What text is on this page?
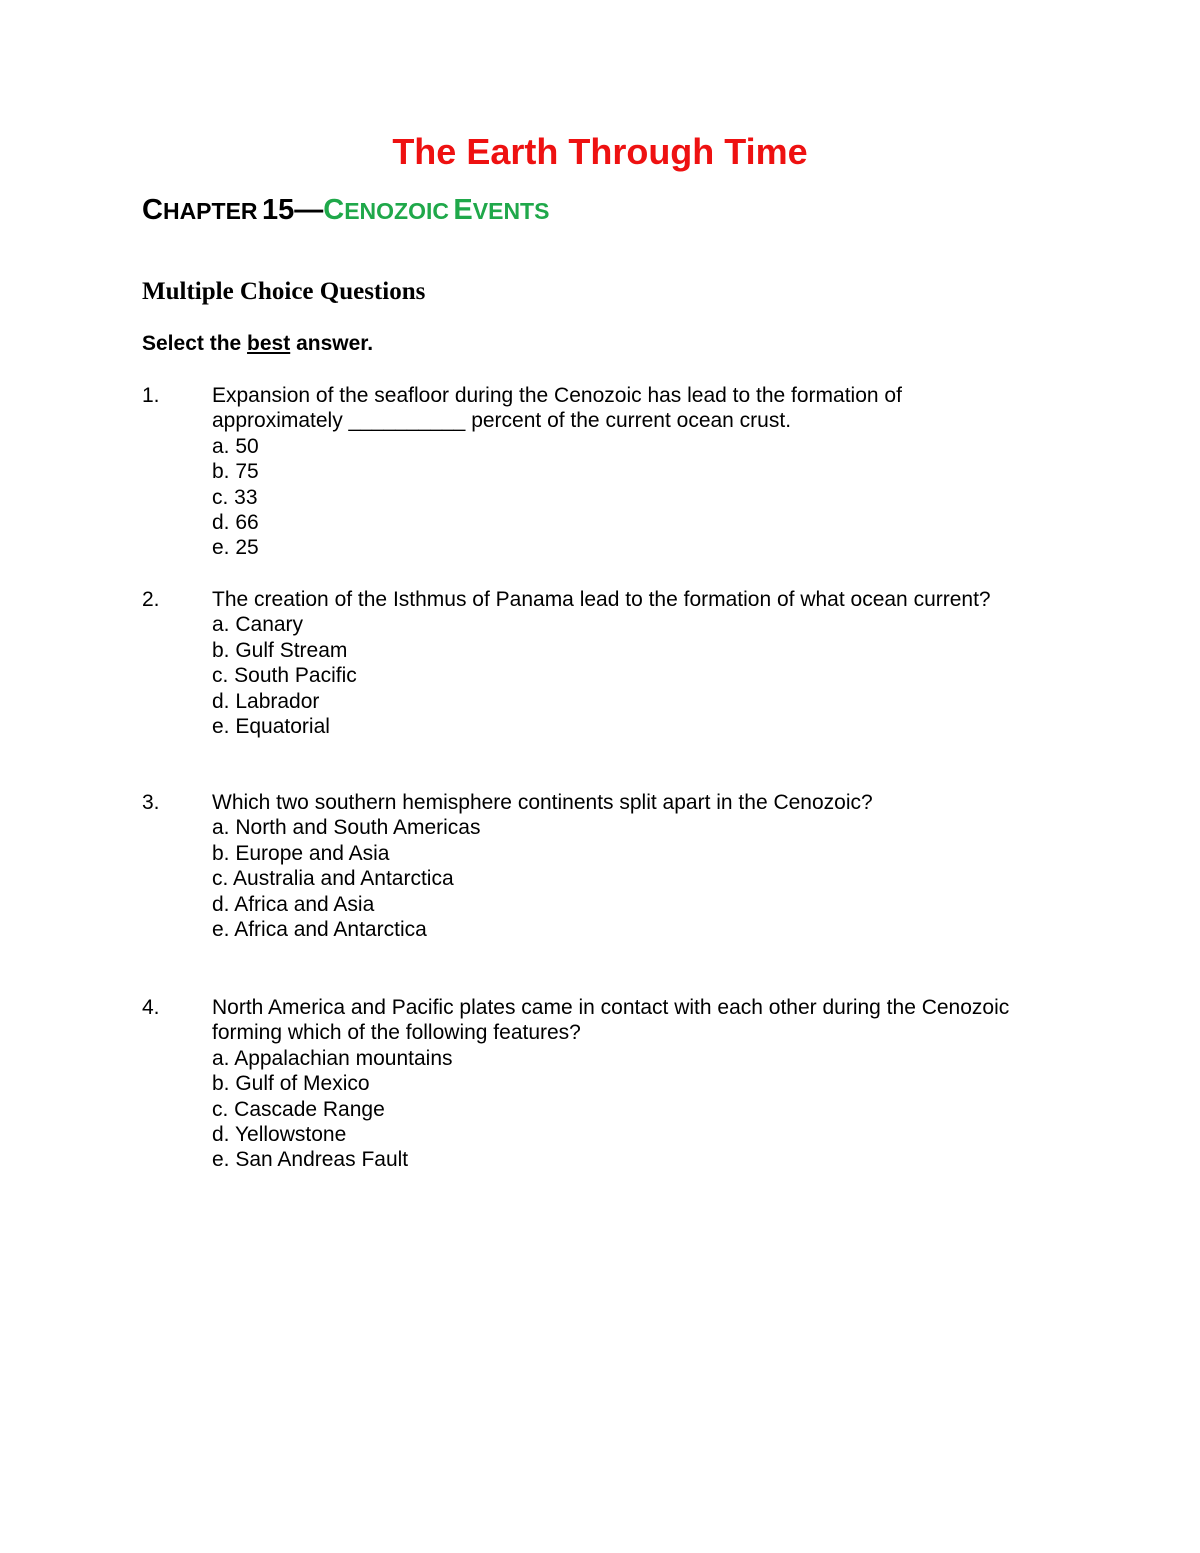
The Earth Through Time
CHAPTER 15—CENOZOIC EVENTS
Multiple Choice Questions
Select the best answer.
1. Expansion of the seafloor during the Cenozoic has lead to the formation of approximately __________ percent of the current ocean crust.
a. 50
b. 75
c. 33
d. 66
e. 25
2. The creation of the Isthmus of Panama lead to the formation of what ocean current?
a. Canary
b. Gulf Stream
c. South Pacific
d. Labrador
e. Equatorial
3. Which two southern hemisphere continents split apart in the Cenozoic?
a. North and South Americas
b. Europe and Asia
c. Australia and Antarctica
d. Africa and Asia
e. Africa and Antarctica
4. North America and Pacific plates came in contact with each other during the Cenozoic forming which of the following features?
a. Appalachian mountains
b. Gulf of Mexico
c. Cascade Range
d. Yellowstone
e. San Andreas Fault
